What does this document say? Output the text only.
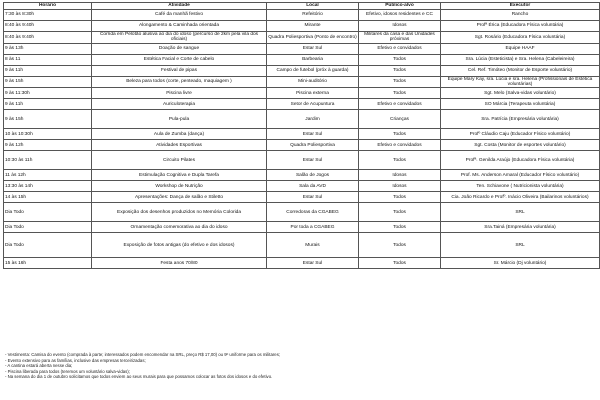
Horário	Atividade	Local	Público-alvo	Executor
7:30 às 8:30h	Café da manhã festivo	Refeitório	Efetivo, idosos residentes e CC	Rancho
8:40 às 9:40h	Alongamento & Caminhada orientada	Mirante	Idosos	Profª Érica (Educadora Física voluntária)
8:40 às 9:40h	Corrida em Pelotão alusiva ao dia do idoso (percurso de 2km pela vila dos oficiais)	Quadra Poliesportiva (Ponto de encontro)	Militares da casa e das Unidades próximas	Sgt. Rosário (Educadora Física voluntária)
9 às 13h	Doação de sangue	Estar Sul	Efetivo e convidados	Equipe HAAF
8 às 11	Estética Facial e Corte de cabelo	Barbearia	Todos	Sra. Lúcia (Esteticista) e Sra. Helena (Cabeleireira)
9 às 11h	Festival de pipas	Campo de futebol (próx à guarda)	Todos	Cel. Ref. Timóteo (Monitor de Esporte voluntário)
9 às 15h	Beleza para todos (corte, penteado, maquiagem )	Mini-auditório	Todos	Equipe Mary Kay, sra. Lúcia e sra. Helena (Profissionais de Estética voluntárias)
9 às 11:30h	Piscina livre	Piscina externa	Todos	Sgt. Melo (Salva-vidas voluntário)
9 às 11h	Auriculoterapia	Setor de Acupuntura	Efetivo e convidados	SO Márcia (Terapeuta voluntária)
9 às 15h	Pula-pula	Jardim	Crianças	Sra. Patrícia (Empresária voluntária)
10 às 10:30h	Aula de Zumba (dança)	Estar Sul	Todos	Profº Cláudio Caju (Educador Físico voluntário)
9 às 12h	Atividades Esportivas	Quadra Poliesportiva	Efetivo e convidados	Sgt. Costa (Monitor de esportes voluntário)
10:30 às 11h	Circuito Pilates	Estar Sul	Todos	Profª. Genilda Araújo (Educadora Física voluntária)
11 às 12h	Estimulação Cognitiva e Dupla Tarefa	Salão de Jogos	Idosos	Prof. Ms. Anderson Amaral (Educador Físico voluntário)
13:30 às 14h	Workshop de Nutrição	Sala da AVD	Idosos	Ten. Schiavone ( Nutricionista voluntária)
14 às 15h	Apresentações: Dança de salão e Stiletto	Estar Sul	Todos	Cia. João Ricardo e Profº. Inácio Oliveira (Bailarinos voluntários)
Dia Todo	Exposição dos desenhos produzidos no Memória Colorida	Corredoras da CGABEG	Todos	SRL
Dia Todo	Ornamentação comemorativa ao dia do idoso	Por toda a CGABEG	Todos	Sra.Tainá (Empresária voluntária)
Dia Todo	Exposição de fotos antigas (do efetivo e dos idosos)	Murais	Todos	SRL
15 às 16h	Festa anos 70/80	Estar Sul	Todos	Sr. Márcio (Dj voluntário)
- Vestimenta: Camisa do evento (comprada à parte; interessados podem encomendar na SRL, preço R$ 17,00) ou 9º uniforme para os militares;
- Evento extensivo para as famílias, inclusive das empresas terceirizadas;
- A cantina estará aberta nesse dia;
- Piscina liberada para todos (teremos um voluntário salva-vidas);
- Na semana do dia 1 de outubro solicitamos que todos enviem ao seus murais para que possamos colocar as fotos dos idosos e do efetivo.
